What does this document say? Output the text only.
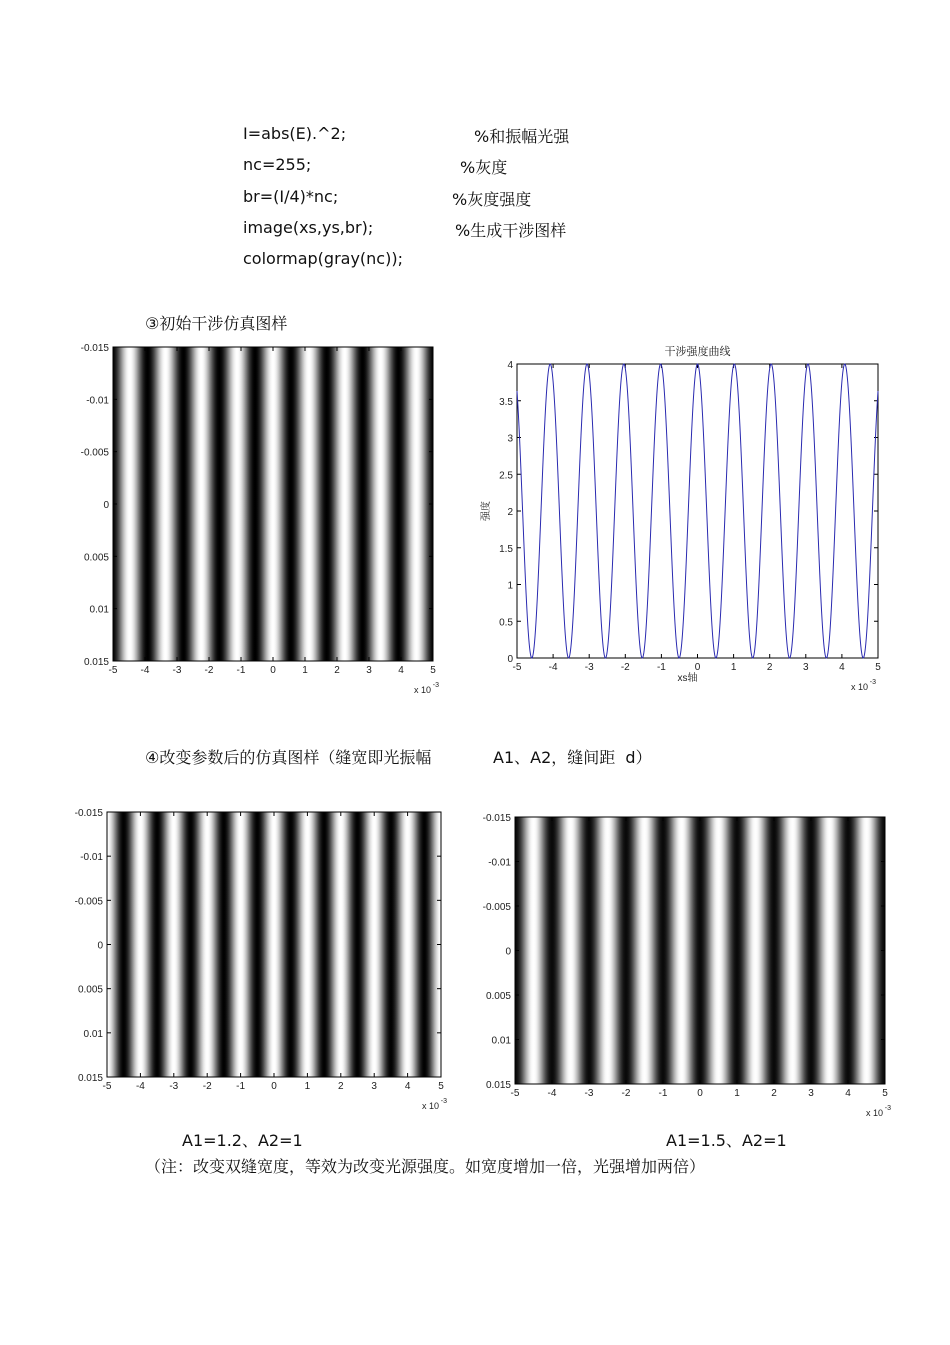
I=abs(E).^2;	%和振幅光强
nc=255;	%灰度
br=(I/4)*nc;	%灰度强度
image(xs,ys,br);	%生成干涉图样
colormap(gray(nc));
③初始干涉仿真图样
-5 -4 -3 -2 -1 0	1	2	3	4	5
-0.015
-0.01
-0.005
0
0.005
0.01
0.015
x 10 -3
干涉强度曲线
-5	-4	-3	-2	-1	0	1	2	3	4	5
0
0.5
1
1.5
2
2.5
3
3.5
4
xs轴
强度
x 10 -3
④改变参数后的仿真图样（缝宽即光振幅	A1、A2，缝间距  d）
-5 -4 -3 -2 -1	0	1	2	3	4	5
-0.015
-0.01
-0.005
0
0.005
0.01
0.015
x 10 -3
-5	-4	-3	-2	-1	0	1	2	3	4	5
-0.015
-0.01
-0.005
0
0.005
0.01
0.015
x 10 -3
A1=1.2、A2=1	A1=1.5、A2=1
（注：改变双缝宽度，等效为改变光源强度。如宽度增加一倍，光强增加两倍）
